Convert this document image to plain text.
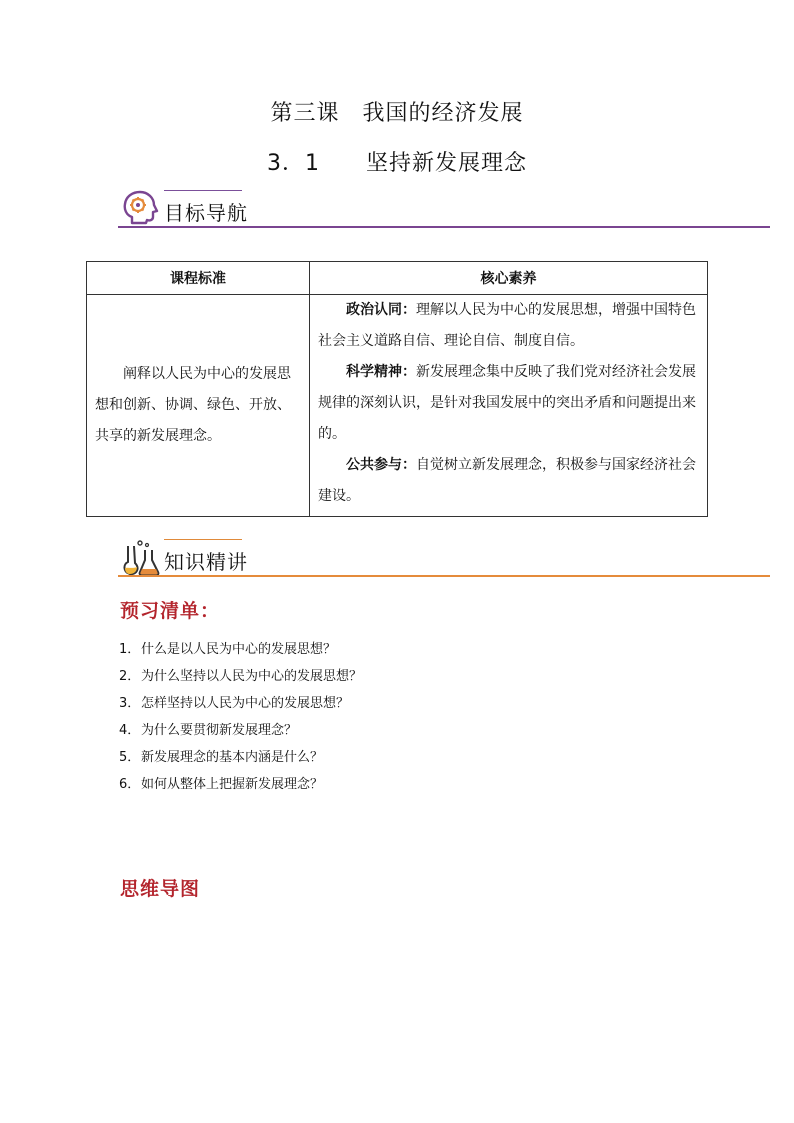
第三课　我国的经济发展
3．1　　坚持新发展理念
目标导航
课程标准	核心素养

阐释以人民为中心的发展思想和创新、协调、绿色、开放、共享的新发展理念。	政治认同：理解以人民为中心的发展思想，增强中国特色社会主义道路自信、理论自信、制度自信。

科学精神：新发展理念集中反映了我们党对经济社会发展规律的深刻认识，是针对我国发展中的突出矛盾和问题提出来的。

公共参与：自觉树立新发展理念，积极参与国家经济社会建设。

知识精讲
预习清单：
1．什么是以人民为中心的发展思想？
2．为什么坚持以人民为中心的发展思想？
3．怎样坚持以人民为中心的发展思想？
4．为什么要贯彻新发展理念？
5．新发展理念的基本内涵是什么？
6．如何从整体上把握新发展理念？
思维导图
